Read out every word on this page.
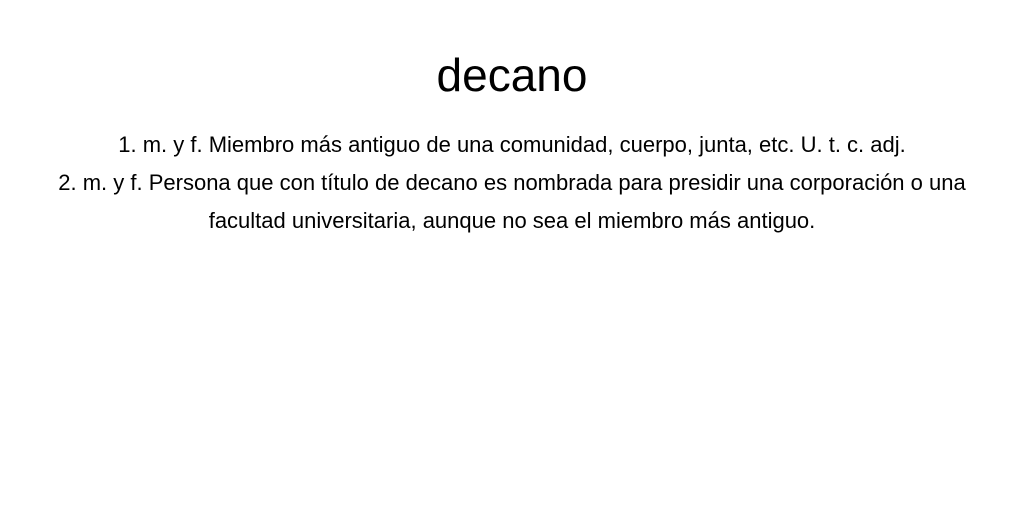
decano

1. m. y f. Miembro más antiguo de una comunidad, cuerpo, junta, etc. U. t. c. adj.

2. m. y f. Persona que con título de decano es nombrada para presidir una corporación o una facultad universitaria, aunque no sea el miembro más antiguo.
